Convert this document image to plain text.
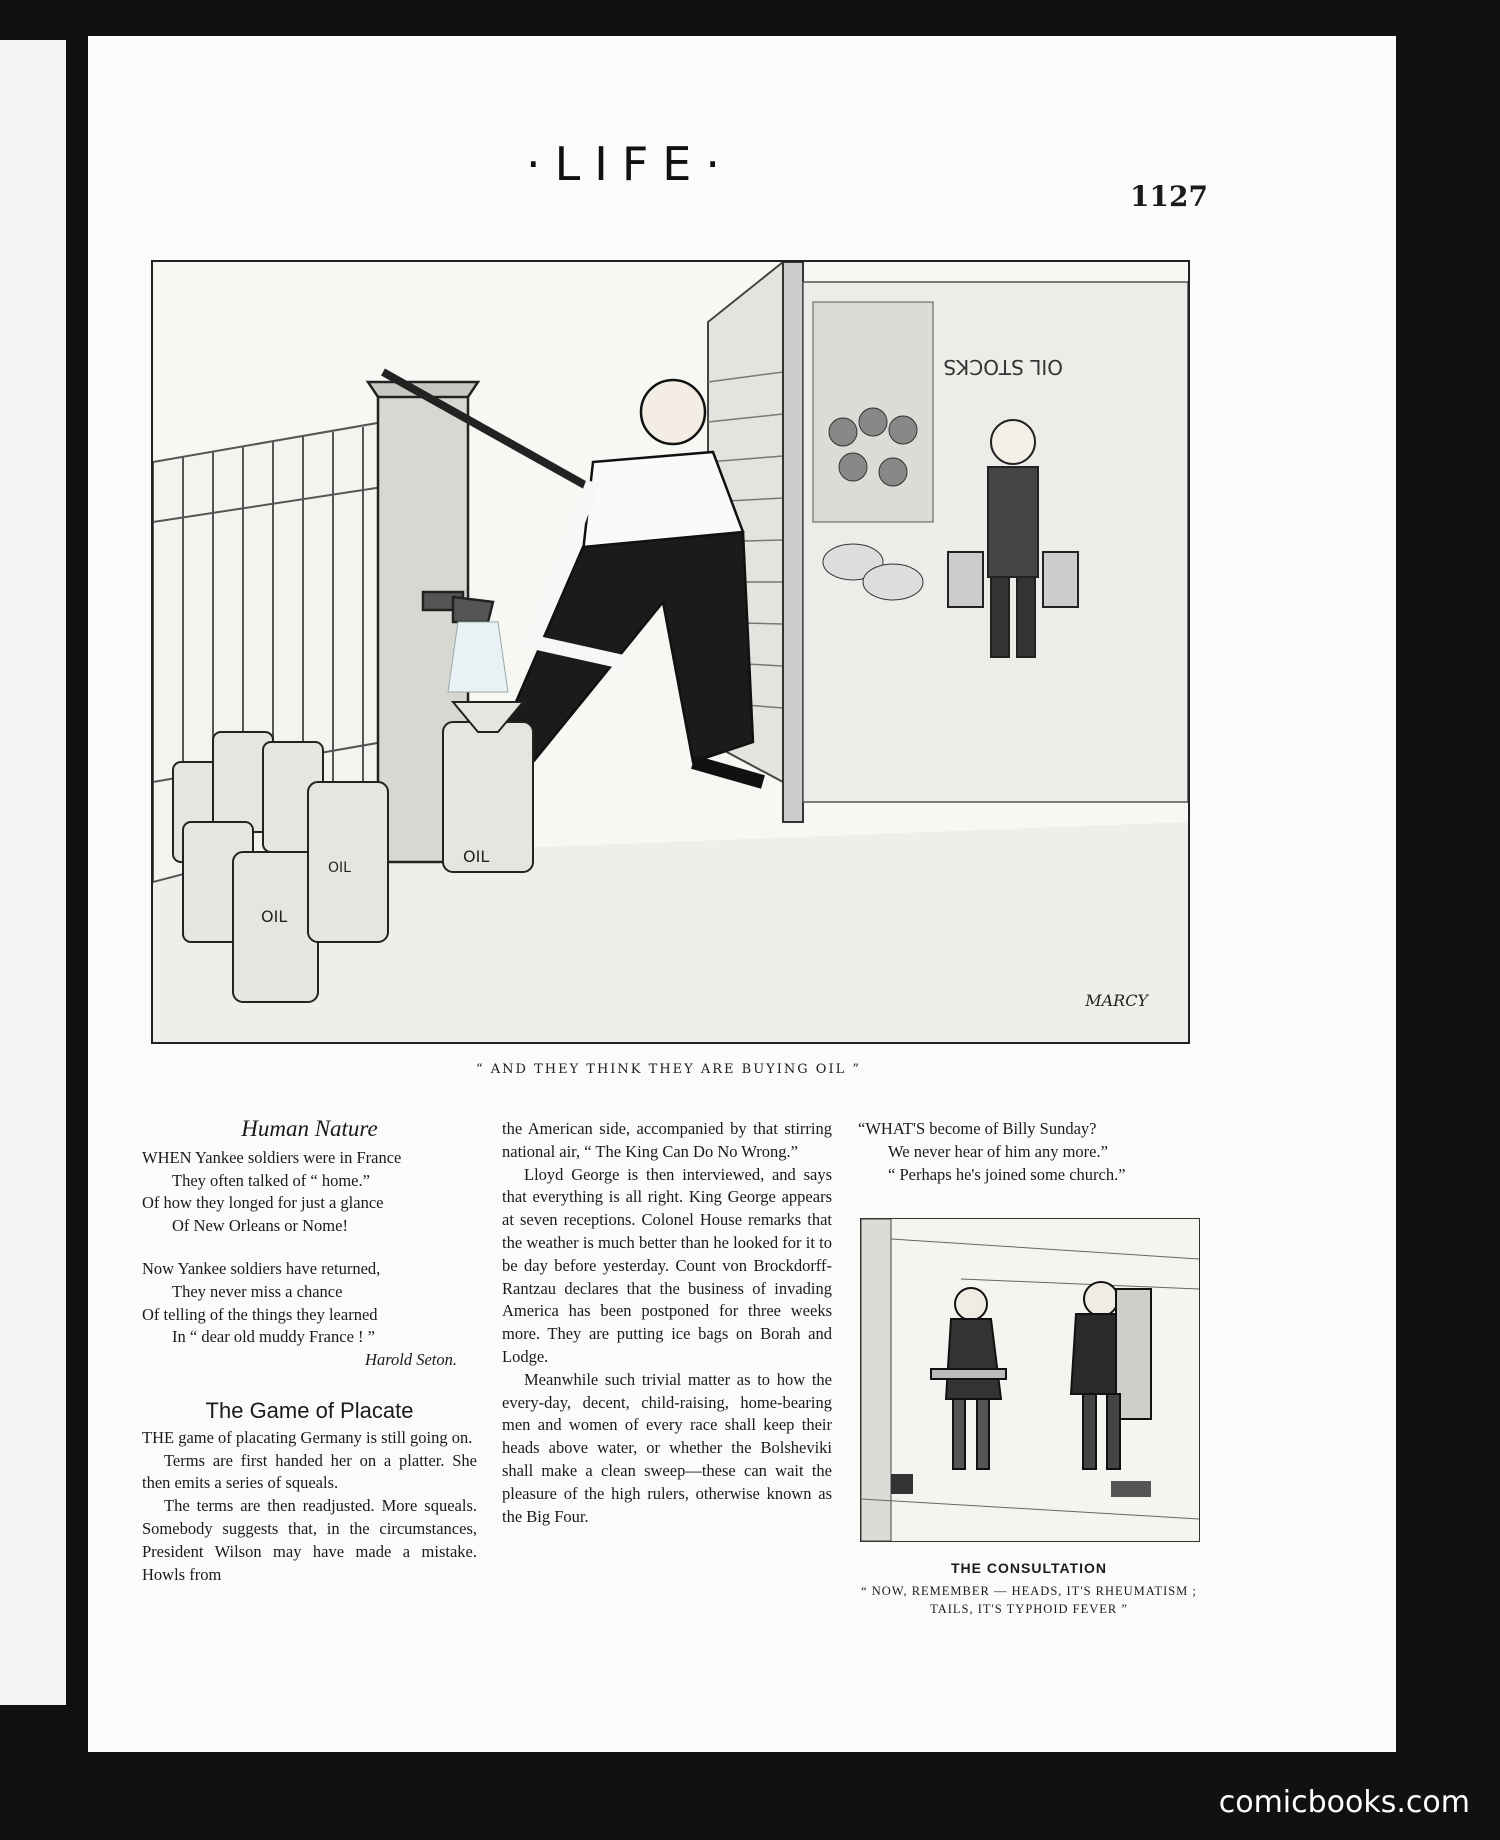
·LIFE·
1127
OIL STOCKS
OIL
OIL
OIL
MARCY
“ AND THEY THINK THEY ARE BUYING OIL ”
Human Nature
WHEN Yankee soldiers were in France
They often talked of “ home.”
Of how they longed for just a glance
Of New Orleans or Nome!
Now Yankee soldiers have returned,
They never miss a chance
Of telling of the things they learned
In “ dear old muddy France ! ”
Harold Seton.
The Game of Placate

THE game of placating Germany is still going on.

Terms are first handed her on a platter. She then emits a series of squeals.

The terms are then readjusted. More squeals. Somebody suggests that, in the circumstances, President Wilson may have made a mistake. Howls from

the American side, accompanied by that stirring national air, “ The King Can Do No Wrong.”

Lloyd George is then interviewed, and says that everything is all right. King George appears at seven receptions. Colonel House remarks that the weather is much better than he looked for it to be day before yesterday. Count von Brockdorff-Rantzau declares that the business of invading America has been postponed for three weeks more. They are putting ice bags on Borah and Lodge.

Meanwhile such trivial matter as to how the every-day, decent, child-raising, home-bearing men and women of every race shall keep their heads above water, or whether the Bolsheviki shall make a clean sweep—these can wait the pleasure of the high rulers, otherwise known as the Big Four.

“WHAT'S become of Billy Sunday?
We never hear of him any more.”
“ Perhaps he's joined some church.”
THE CONSULTATION
“ NOW, REMEMBER — HEADS, IT'S RHEUMATISM ; TAILS, IT'S TYPHOID FEVER ”
comicbooks.com
